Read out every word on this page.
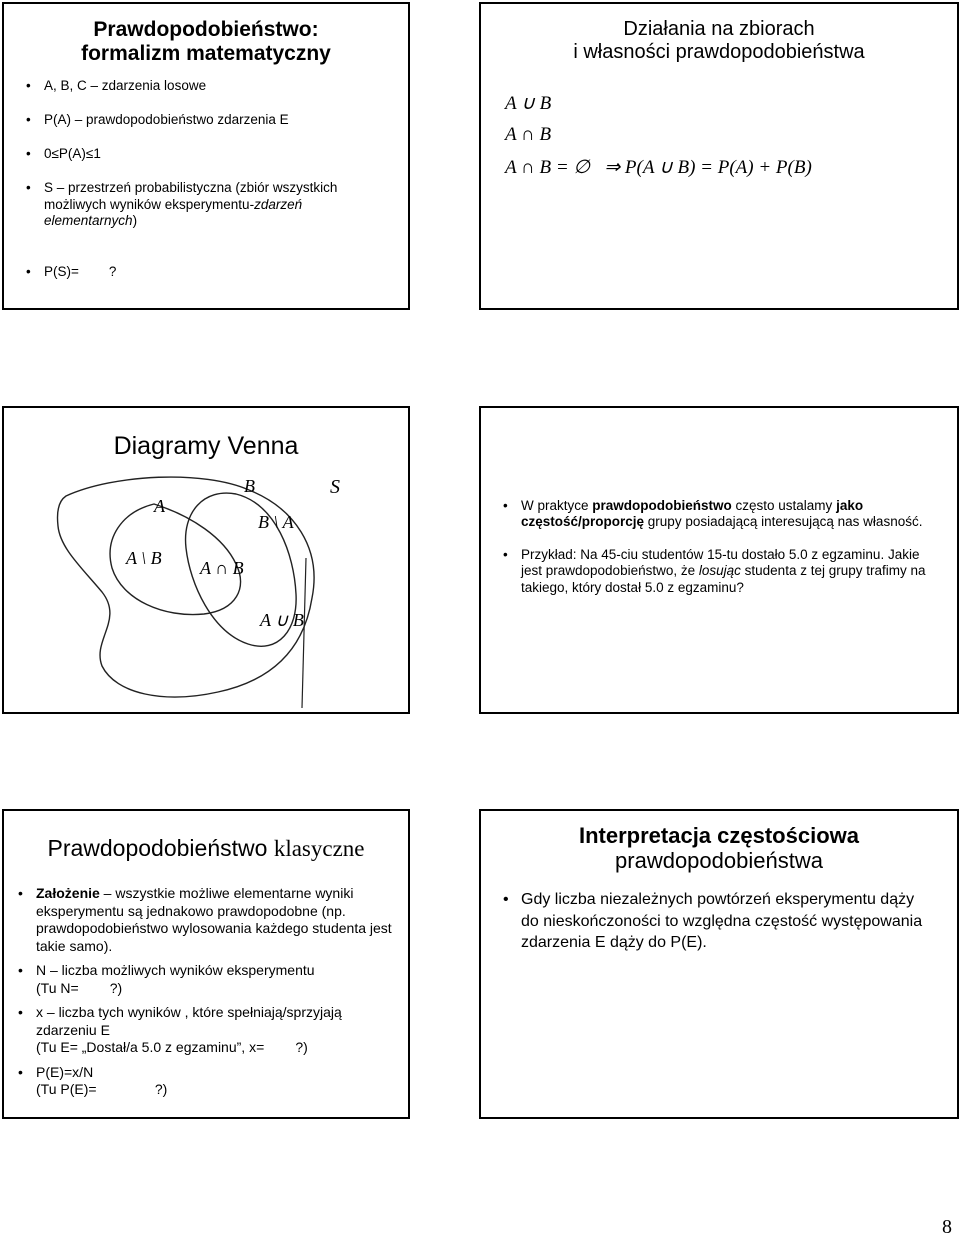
Prawdopodobieństwo:
formalizm matematyczny
• A, B, C – zdarzenia losowe
• P(A) – prawdopodobieństwo zdarzenia E
• 0≤P(A)≤1
• S – przestrzeń probabilistyczna (zbiór wszystkich możliwych wyników eksperymentu-zdarzeń elementarnych)
• P(S)=        ?
Działania na zbiorach
i własności prawdopodobieństwa
A ∪ B
A ∩ B
A ∩ B = ∅   ⇒ P(A ∪ B) = P(A) + P(B)
Diagramy Venna
A
B
B \ A
A \ B A ∩ B
A ∪ B
S
• W praktyce prawdopodobieństwo często ustalamy jako częstość/proporcję grupy posiadającą interesującą nas własność.
• Przykład: Na 45-ciu studentów 15-tu dostało 5.0 z egzaminu. Jakie jest prawdopodobieństwo, że losując studenta z tej grupy trafimy na takiego, który dostał 5.0 z egzaminu?
Prawdopodobieństwo klasyczne
• Założenie – wszystkie możliwe elementarne wyniki eksperymentu są jednakowo prawdopodobne (np. prawdopodobieństwo wylosowania każdego studenta jest takie samo).
• N – liczba możliwych wyników eksperymentu
(Tu N=        ?)
• x – liczba tych wyników , które spełniają/sprzyjają zdarzeniu E
(Tu E= „Dostał/a 5.0 z egzaminu”, x=        ?)
• P(E)=x/N
(Tu P(E)=               ?)
Interpretacja częstościowa
prawdopodobieństwa
• Gdy liczba niezależnych powtórzeń eksperymentu dąży do nieskończoności to względna częstość występowania zdarzenia E dąży do P(E).
8
